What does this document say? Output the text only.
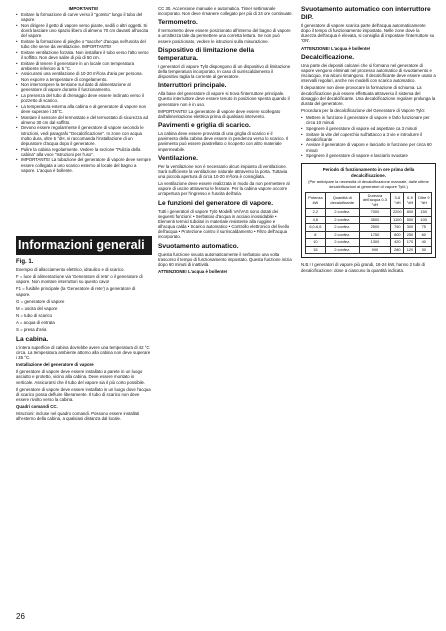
IMPORTANTE!

• Evitare la formazione di curve verso il "gomito" lungo il tubo del vapore.
• Non dirigere il getto di vapore verso piante, sedili o altri oggetti. Si dovrà lasciare uno spazio libero di almeno 70 cm davanti all'uscita del vapore.
• Evitare la formazione di pieghe o "sacche" d'acqua nell'uscita del tubo che serve da ventilazione. IMPORTANTE!
• Evitare ventilazione forzata. Non installare il tubo verso l'alto verso il soffitto. Non deve salire di più di 50 cm.
• Evitare di tenere il generatore in un locale con temperatura ambiente inferiore ai 5 °C.
• Assicurarsi una ventilazione di 10-20 m³/ora d'aria per persona. Non esporre a temperature di congelamento.
• Non interrompere la tensione sul dato di alimentazione al generatore di vapore durante il funzionamento.
• La presenza del tubo di drenaggio deve essere inclinato verso il pozzetto di scarico.
• La temperatura esterna alla cabina e al generatore di vapore non deve superare i 35°C.
• Montare il sensore del termostato e del termostato di sicurezza ad almeno 30 cm dal soffitto.
• Devono essere regolarmente il generatore di vapore secondo le istruzioni, vedi paragrafo "Decalcificazione". In zone con acqua molto dura, oltre 5 °dH, si raccomanda l'installazione di un depuratore d'acqua dopo il generatore.
• Pulire la cabina regolarmente. Vedere la sezione "Pulizia della cabina" alla voce "Istruzioni per l'uso".
• IMPORTANTE! La tubazione del generatore di vapore deve sempre essere collegata a uno scarico esterno al locale del bagno a vapore. L'acqua è bollente.
Informazioni generali

Fig. 1.

Esempio di allacciamento elettrico, idraulico e di scarico.

F = luce di alimentazione via 'Generatore di rete' o il generatore di vapore. Non montare interruttori su questo cavo!

F1 = fusibile principale (la 'Generatore di rete') a generatore di vapore.

G = generatore di vapore

M = uscita del vapore

N = tubo di scarico

A = acqua di entrata

S = presa d'aria

La cabina.

L'intera superficie di cabina dovrebbe avere una temperatura di 42 °C circa. La temperatura ambiente attorno alla cabina non deve superare i 35 °C.

Installazione del generatore di vapore

Il generatore di vapore deve essere installato a parete in un luogo asciutto e protetto, vicino alla cabina. Deve essere montato in verticale. Assicurarsi che il tubo del vapore sia il più corto possibile.

Il generatore di vapore deve essere installato in un luogo dove l'acqua di scarico possa defluire liberamente. Il tubo di scarico non deve essere rivolto verso la cabina.

Quadri comandi CC.

Istruzioni: incluse nel quadro comandi. Possono essere installati all'esterno della cabina, a qualsiasi distanza dal locale.

CC 30. Accensione manuale e automatica. Timer settimanale incorporato. Non deve rimanere collegato per più di 24 ore continuate.

Termometro.

Il termometro deve essere posizionato all'interno del bagno di vapore a un'altezza tale da permettere una corretta lettura. Se non può essere posizionato, vedere le istruzioni sulla misurazione.

Dispositivo di limitazione della temperatura.

I generatori di vapore Tylö dispongono di un dispositivo di limitazione della temperatura incorporato. In caso di surriscaldamento il dispositivo taglia la corrente al generatore.

Interruttori principale.

Alla base del generatore di vapore si trova l'interruttore principale. Questo interruttore deve essere tenuto in posizione spenta quando il generatore non è in uso.

IMPORTANTE! La generatore di vapore deve essere scollegato dall'alimentazione elettrica prima di qualsiasi intervento.

Pavimenti e griglia di scarico.

La cabina deve essere provvista di una griglia di scarico e il pavimento della cabina deve essere in pendenza verso lo scarico. Il pavimento può essere piastrellato o ricoperto con altro materiale impermeabile.

Ventilazione.

Per la ventilazione non è necessario alcun impianto di ventilazione. Sarà sufficiente la ventilazione naturale attraverso la porta. Tuttavia una piccola apertura di circa 10-20 m³/ora è consigliata.

La ventilazione deve essere realizzata in modo da non permettere al vapore di uscire attraverso le fessure. Per la cabina vapore occorre un'apertura per l'ingresso e l'uscita dell'aria.

Le funzioni del generatore di vapore.

Tutti i generatori di vapore Tylö Modelli VA/VAS sono dotati dei seguenti funzioni: • Serbatoio d'acqua in acciaio inossidabile • Elementi termici tubolari in materiale resistente alla ruggine e all'acqua calda • Scarico automatico • Controllo elettronico del livello dell'acqua • Protezione contro il surriscaldamento • Filtro dell'acqua incorporato.

Svuotamento automatico.

Questa funzione svuota automaticamente il serbatoio una volta trascorso il tempo di funzionamento impostato. Questa funzione inizia dopo 60 minuti di inattività.

ATTENZIONE! L'acqua è bollente!

Svuotamento automatico con interruttore DIP.

Il generatore di vapore scarica parte dell'acqua automaticamente dopo il tempo di funzionamento impostato. Nelle zone dove la durezza dell'acqua è elevata, si consiglia di impostare l'interruttore su 'ON'.

ATTENZIONE! L'acqua è bollente!

Decalcificazione.

Una parte dei depositi calcarei che si formano nel generatore di vapore vengono eliminati nel processo automatico di svuotamento e risciacquo, ma alcuni rimangono. Il decalcificante deve essere usato a intervalli regolari, anche nei modelli con scarico automatico.

Il depuratore non deve provocare la formazione di schiuma. La decalcificazione può essere effettuata attraverso il sistema del dosaggio del decalcificante. Una decalcificazione regolare prolunga la durata del generatore.

Procedura per la decalcificazione del Generatore di Vapore Tylö:

• Mettere in funzione il generatore di vapore e farlo funzionare per circa 10 minuti
• Spegnere il generatore di vapore ed aspettare ca 3 minuti
• Svitare la vite del coperchio sull'attacco a 3 vie e introdurre il decalcificante
• Avviare il generatore di vapore e lasciarlo in funzione per circa 60 minuti
• Spegnere il generatore di vapore e lasciarlo svuotare

Periodo di funzionamento in ore prima della decalcificazione.

(Per anticipare la necessità di decalcificazione manuale, dalle ultime decalcificazioni ai generatori di vapore Tylö.)

Potenza kW	Quantità di decalcificante	Durezza dell'acqua 0-3 °dH	3-6 °dH	6-9 °dH	Oltre 9 °dH
2,2	2 confez.	7000	2200	800	150
4,6	2 confez.	3500	1100	500	100
6,0-6,6	2 confez.	2500	750	300	75
8	2 confez.	1750	600	250	60
10	2 confez.	1300	420	170	40
15	2 confez.	900	280	120	30

N.B.! I generatori di vapore più grandi, 18-24 kW, hanno 2 tubi di decalcificazione: dose a ciascuno la quantità indicata.

26
